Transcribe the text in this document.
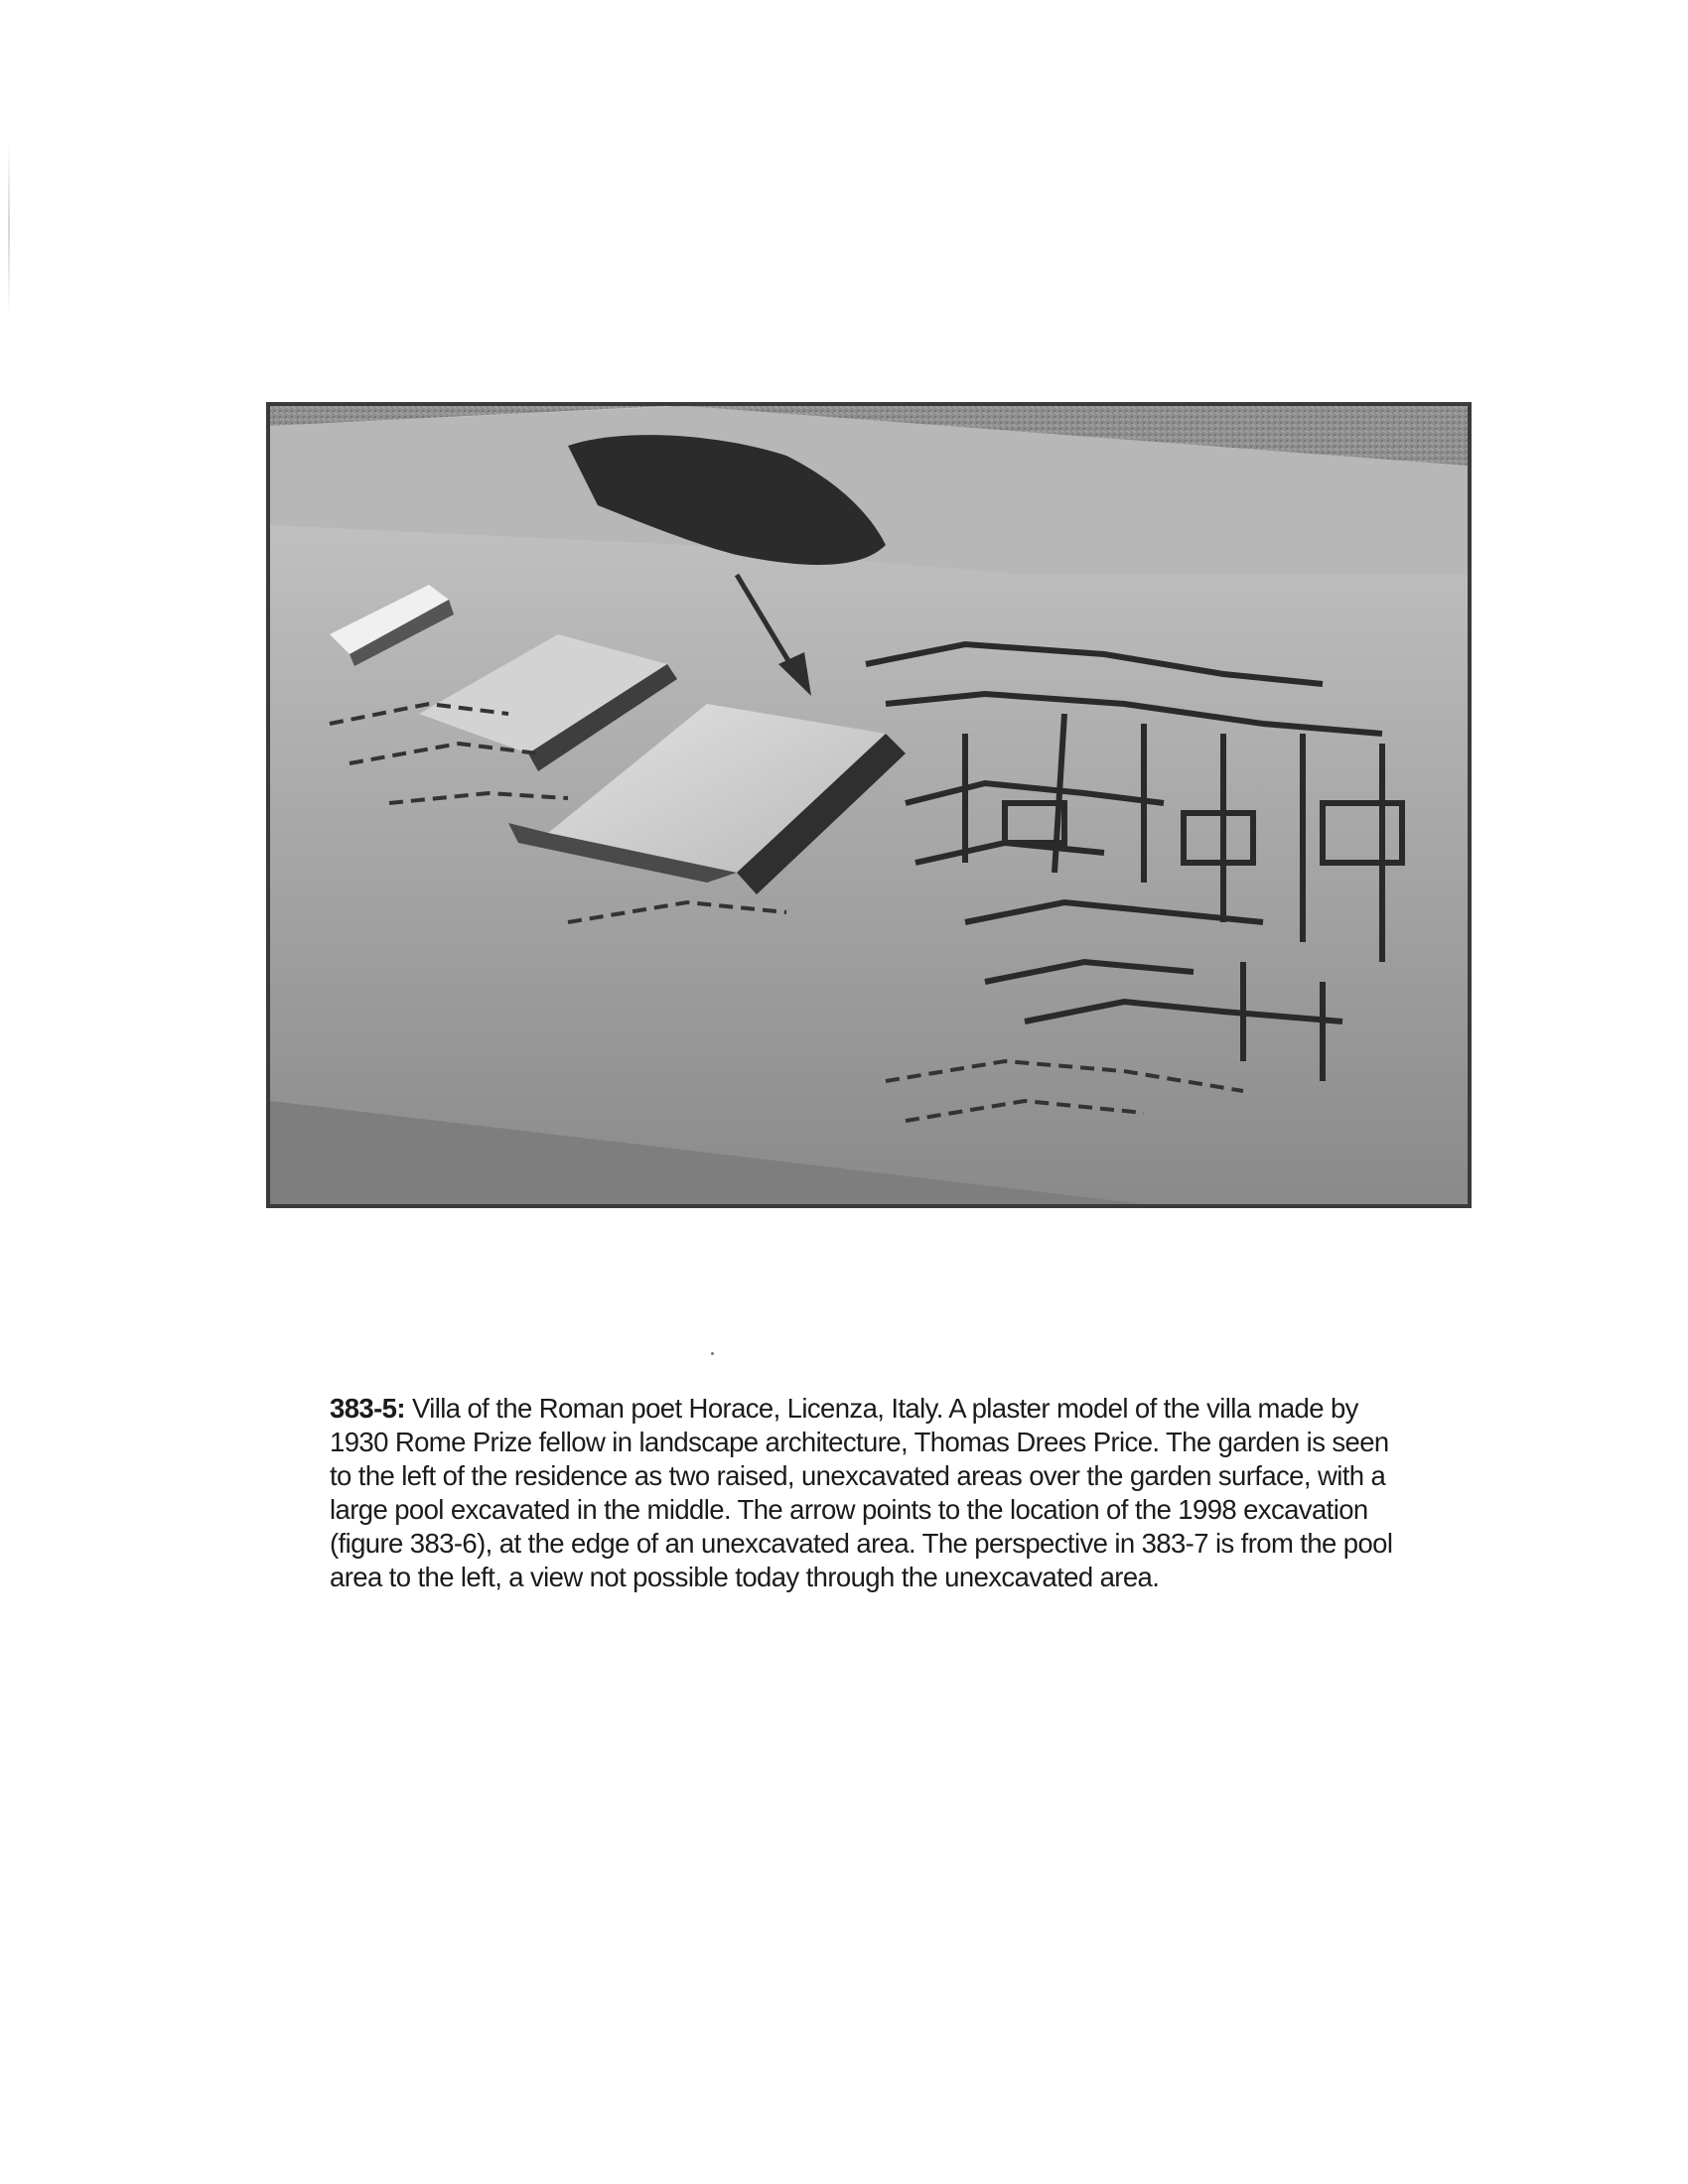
383-5: Villa of the Roman poet Horace, Licenza, Italy. A plaster model of the villa made by 1930 Rome Prize fellow in landscape architecture, Thomas Drees Price. The garden is seen to the left of the residence as two raised, unexcavated areas over the garden surface, with a large pool excavated in the middle. The arrow points to the location of the 1998 excavation (figure 383-6), at the edge of an unexcavated area. The perspective in 383-7 is from the pool area to the left, a view not possible today through the unexcavated area.
